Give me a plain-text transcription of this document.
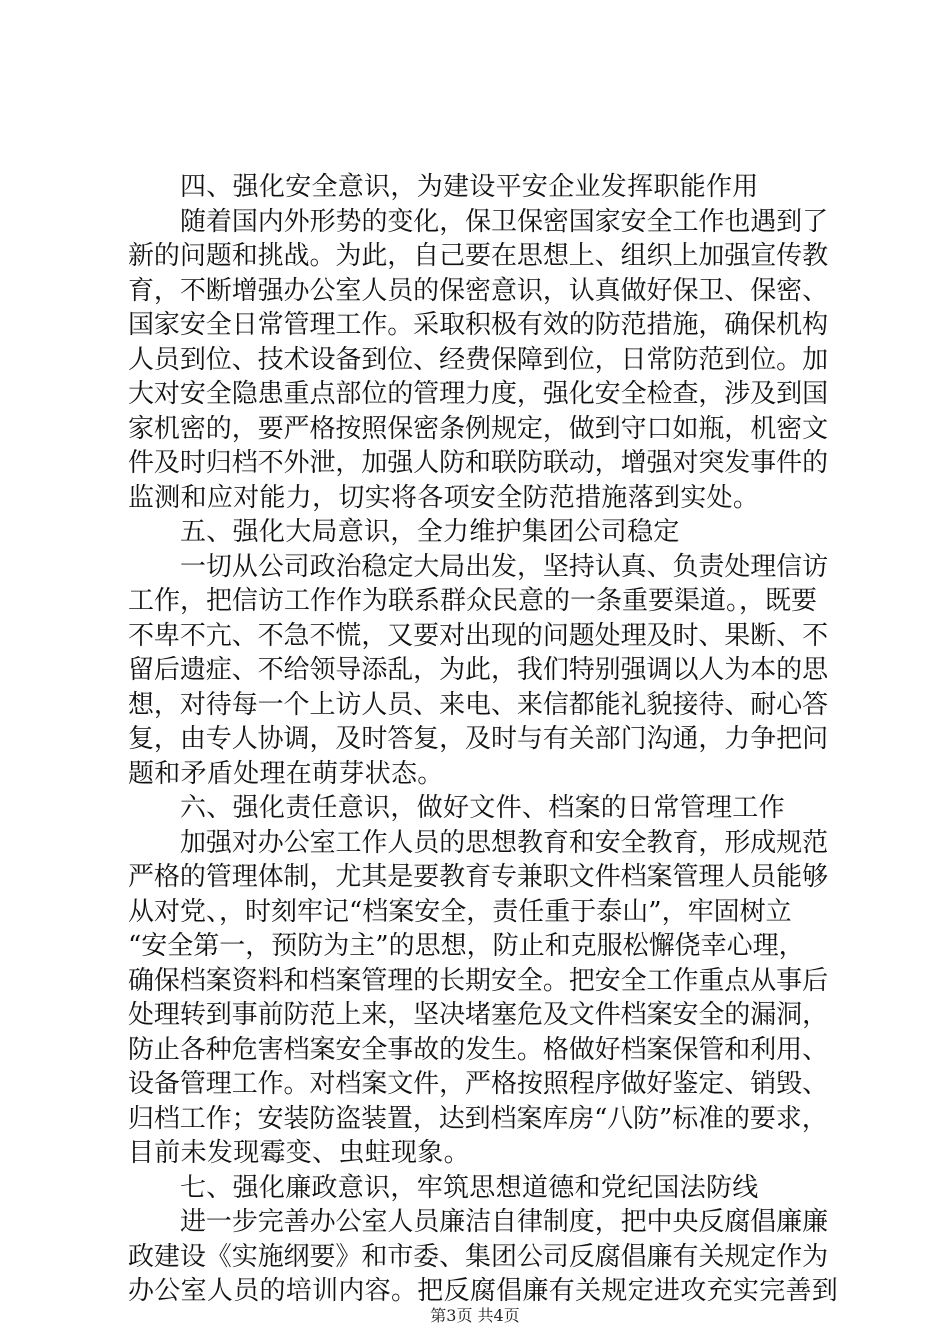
四、强化安全意识，为建设平安企业发挥职能作用
随着国内外形势的变化，保卫保密国家安全工作也遇到了
新的问题和挑战。为此，自己要在思想上、组织上加强宣传教
育，不断增强办公室人员的保密意识，认真做好保卫、保密、
国家安全日常管理工作。采取积极有效的防范措施，确保机构
人员到位、技术设备到位、经费保障到位，日常防范到位。加
大对安全隐患重点部位的管理力度，强化安全检查，涉及到国
家机密的，要严格按照保密条例规定，做到守口如瓶，机密文
件及时归档不外泄，加强人防和联防联动，增强对突发事件的
监测和应对能力，切实将各项安全防范措施落到实处。
五、强化大局意识，全力维护集团公司稳定
一切从公司政治稳定大局出发，坚持认真、负责处理信访
工作，把信访工作作为联系群众民意的一条重要渠道。，既要
不卑不亢、不急不慌，又要对出现的问题处理及时、果断、不
留后遗症、不给领导添乱，为此，我们特别强调以人为本的思
想，对待每一个上访人员、来电、来信都能礼貌接待、耐心答
复，由专人协调，及时答复，及时与有关部门沟通，力争把问
题和矛盾处理在萌芽状态。
六、强化责任意识，做好文件、档案的日常管理工作
加强对办公室工作人员的思想教育和安全教育，形成规范
严格的管理体制，尤其是要教育专兼职文件档案管理人员能够
从对党、，时刻牢记“档案安全，责任重于泰山”，牢固树立
“安全第一，预防为主”的思想，防止和克服松懈侥幸心理，
确保档案资料和档案管理的长期安全。把安全工作重点从事后
处理转到事前防范上来，坚决堵塞危及文件档案安全的漏洞，
防止各种危害档案安全事故的发生。格做好档案保管和利用、
设备管理工作。对档案文件，严格按照程序做好鉴定、销毁、
归档工作；安装防盗装置，达到档案库房“八防”标准的要求，
目前未发现霉变、虫蛀现象。
七、强化廉政意识，牢筑思想道德和党纪国法防线
进一步完善办公室人员廉洁自律制度，把中央反腐倡廉廉
政建设《实施纲要》和市委、集团公司反腐倡廉有关规定作为
办公室人员的培训内容。把反腐倡廉有关规定进攻充实完善到
第3页 共4页
